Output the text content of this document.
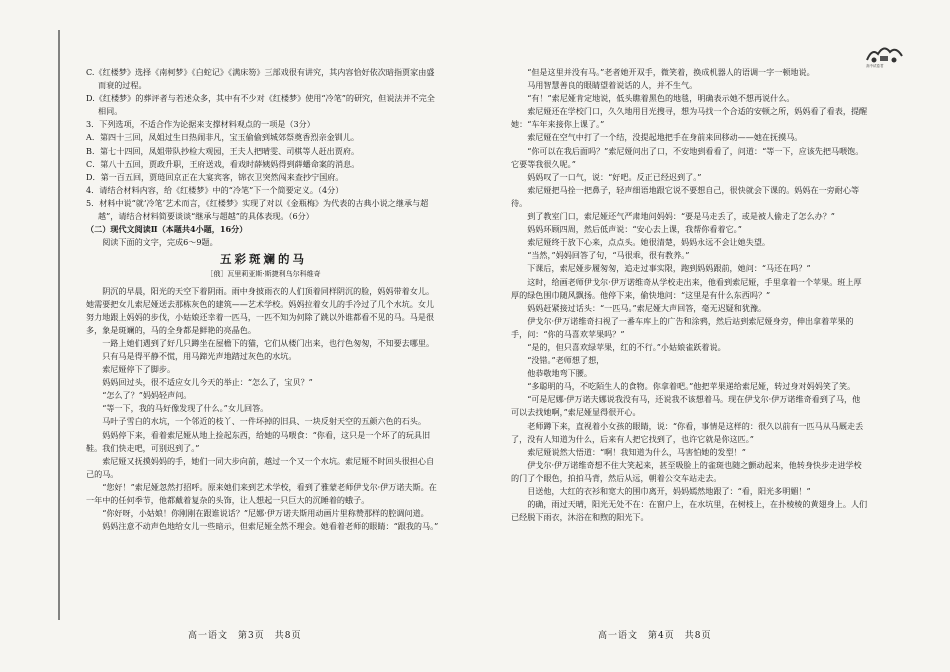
高中试卷君

C.《红楼梦》选择《南柯梦》《白蛇记》《满床笏》三部戏很有讲究，其内容恰好依次暗指贾家由盛而衰的过程。

D.《红楼梦》的葬评者与若述众多，其中有不少对《红楼梦》使用“冷笔”的研究，但说法并不完全相同。

3．下列选项，不适合作为论据来支撑材料观点的一项是（3分）

A．第四十三回，凤姐过生日热闹非凡，宝玉偷偷到城郊祭奠香烈亲金钏儿。

B．第七十四回，凤姐带队抄检大观园，王夫人把晴雯、司棋等人赶出贾府。

C．第八十五回，贾政升职，王府送戏，看戏时薛姨妈得到薛蟠命案的消息。

D．第一百五回，贾琏回京正在大宴宾客，锦衣卫突然闯来查抄宁国府。

4．请结合材料内容，给《红楼梦》中的“冷笔”下一个简要定义。（4分）

5．材料中说“就‘冷笔’艺术而言，《红楼梦》实现了对以《金瓶梅》为代表的古典小说之继承与超越”，请结合材料简要谈谈“继承与超越”的具体表现。（6分）

（二）现代文阅读Ⅱ（本题共4小题，16分）

阅读下面的文字，完成6～9题。

五彩斑斓的马
［俄］瓦里莉亚斯·斯捷利乌尔科维奇

阴沉的早晨，阳光的天空下着阴雨。雨中身披雨衣的人们顶着同样阴沉的脸，妈妈带着女儿。她需要把女儿索尼娅送去那栋灰色的建筑——艺术学校。妈妈拉着女儿的手冷过了几个水坑。女儿努力地跟上妈妈的步伐，小姑娘还幸着一匹马，一匹不知为何除了跳以外谁都看不见的马。马是很多，象是斑斓的，马的全身都是鲜艳的亮晶色。

一路上她们遇到了好几只蹲坐在屋檐下的猫，它们从楼门出来，也行色匆匆，不知要去哪里。

只有马是得平静不慌，用马蹄光声地踏过灰色的水坑。

索尼娅停下了脚步。

妈妈回过头，很不适应女儿今天的举止：“怎么了，宝贝？”

“怎么了？”妈妈轻声问。

“等一下，我的马好像发现了什么。”女儿回答。

马叶子雪白的水坑，一个邻近的枝丫、一件坏掉的旧具、一块反射天空的五颜六色的石头。

妈妈停下来，看着索尼娅从地上捡起东西，给她的马喂食：“你看，这只是一个坏了的玩具旧鞋。我们快走吧，可别迟到了。”

索尼娅又抚摸妈妈的手，她们一同大步向前，越过一个又一个水坑。索尼娅不时回头很担心自己的马。

“您好！”索尼娅忽然打招呼。原来她们来到艺术学校，看到了雅蒙老师伊戈尔·伊万诺夫斯。在一年中的任何季节，他都戴着复杂的头饰，让人想起一只巨大的沉睡着的蛾子。

“你好呀，小姑娘！你刚刚在跟谁说话？”尼娜·伊万诺夫斯用动画片里称赞那样的腔调问道。

妈妈注意不动声色地给女儿一些暗示，但索尼娅全然不理会。她看着老师的眼睛：“跟我的马。”

“但是这里并没有马。”老者她开双手，微笑着，换成机器人的语调一字一顿地说。

马用智慧善良的眼睛望着说话的人，并不生气。

“有！”索尼娅肯定地说，低头瞧着黑色的地毯，明确表示她不想再说什么。

索尼娅还在学校门口，久久地用目光搜寻，想为马找一个合适的安顿之所，妈妈看了看表，提醒她：“车年来接你上课了。”

索尼娅在空气中打了一个结，没提起地把手在身前来回移动——她在抚摸马。

“你可以在我后面吗？”索尼娅问出了口，不安地到看看了，问道：“等一下，应该先把马喂饱。它要等我很久呢。”

妈妈叹了一口气，说：“好吧。反正已经迟到了。”

索尼娅把马拴一把鼻子，轻声细语地跟它说不要想自己，很快就会下课的。妈妈在一旁耐心等待。

到了教室门口，索尼娅还气严肃地问妈妈：“要是马走丢了，或是被人偷走了怎么办？”

妈妈环顾四周，然后低声说：“安心去上课，我帮你看着它。”

索尼娅终于放下心来，点点头。她很清楚，妈妈永远不会让她失望。

“当然，”妈妈回答了句，“马很乖，很有教养。”

下课后，索尼娅步履匆匆，追走过事实限，跑到妈妈跟前，她问：“马还在吗？”

这时，给画老师伊戈尔·伊万诺维奇从学校走出来，他看到索尼娅，手里拿着一个苹果。班上厚厚的绿色围巾随风飘扬。他停下来，偷快地问：“这里是有什么东西吗？”

妈妈赶紧接过话头：“一匹马。”索尼娅大声回答，毫无迟疑和犹豫。

伊戈尔·伊万诺维奇扫视了一番车库上的广告和涂鸦，然后站到索尼娅身旁，伸出拿着苹果的手，问：“你的马喜欢苹果吗？”

“是的，但只喜欢绿苹果，红的不行。”小姑娘雀跃着说。

“没错。”老师想了想，

他恭敬地弯下腰。

“多聪明的马，不吃陌生人的食物。你拿着吧。”他把苹果递给索尼娅，转过身对妈妈笑了笑。

“可是尼娜·伊万诺夫娜说我没有马，还说我不该想着马。现在伊戈尔·伊万诺维奇看到了马，他可以去找她啊，”索尼娅显得很开心。

老师蹲下来，直视着小女孩的眼睛，说：“你看，事情是这样的：很久以前有一匹马从马厩走丢了，没有人知道为什么，后来有人把它找到了，也许它就是你这匹。”

索尼娅说然大悟道：“啊！我知道为什么，马害怕她的发型！”

伊戈尔·伊万诺维奇想不住大笑起来，甚至吸脸上的雀斑也随之颤动起来，他转身快步走进学校的门了个眼色，拍拍马背，然后从远，朝着公交车站走去。

目送他，大红的衣衫和宽大的围巾离开，妈妈嫣然地跟了：“看，阳光多明媚！”

的确，雨过天晴，阳光无处不在：在窗户上，在水坑里，在树枝上，在扑棱棱的黄翅身上。人们已经脱下雨衣，沐浴在和煦的阳光下。

高一语文　第3页　共8页	高一语文　第4页　共8页
